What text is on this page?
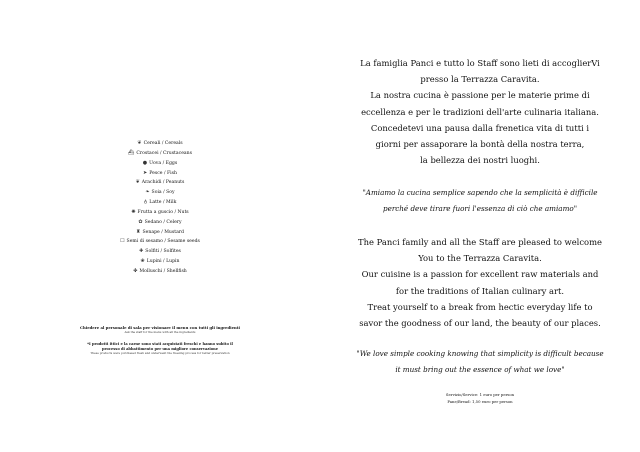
❦ Cereali / Cereals
⛴ Crostacei / Crustaceans
● Uova / Eggs
➤ Pesce / Fish
❦ Arachidi / Peanuts
❧ Soia / Soy
♁ Latte / Milk
✺ Frutta a guscio / Nuts
✿ Sedano / Celery
♜ Senape / Mustard
☐ Semi di sesamo / Sesame seeds
✚ Solfiti / Solfites
❀ Lupini / Lupin
✤ Molluschi / Shellfish
Chiedere al personale di sala per visionare il menu con tutti gli ingredienti
Ask the staff for the menu with all the ingredients
*I prodotti ittici e la carne sono stati acquistati freschi e hanno subito il
processo di abbattimento per una migliore conservazione
These products were purchased fresh and underwent the freezing process for better preservation
La famiglia Panci e tutto lo Staff sono lieti di accoglierVi
presso la Terrazza Caravita.
La nostra cucina è passione per le materie prime di
eccellenza e per le tradizioni dell'arte culinaria italiana.
Concedetevi una pausa dalla frenetica vita di tutti i
giorni per assaporare la bontà della nostra terra,
la bellezza dei nostri luoghi.
"Amiamo la cucina semplice sapendo che la semplicità è difficile
perché deve tirare fuori l'essenza di ciò che amiamo"
The Panci family and all the Staff are pleased to welcome
You to the Terrazza Caravita.
Our cuisine is a passion for excellent raw materials and
for the traditions of Italian culinary art.
Treat yourself to a break from hectic everyday life to
savor the goodness of our land, the beauty of our places.
"We love simple cooking knowing that simplicity is difficult because
it must bring out the essence of what we love"
Servizio/Service: 1 euro per person
Pane/Bread: 1,50 euro per person
